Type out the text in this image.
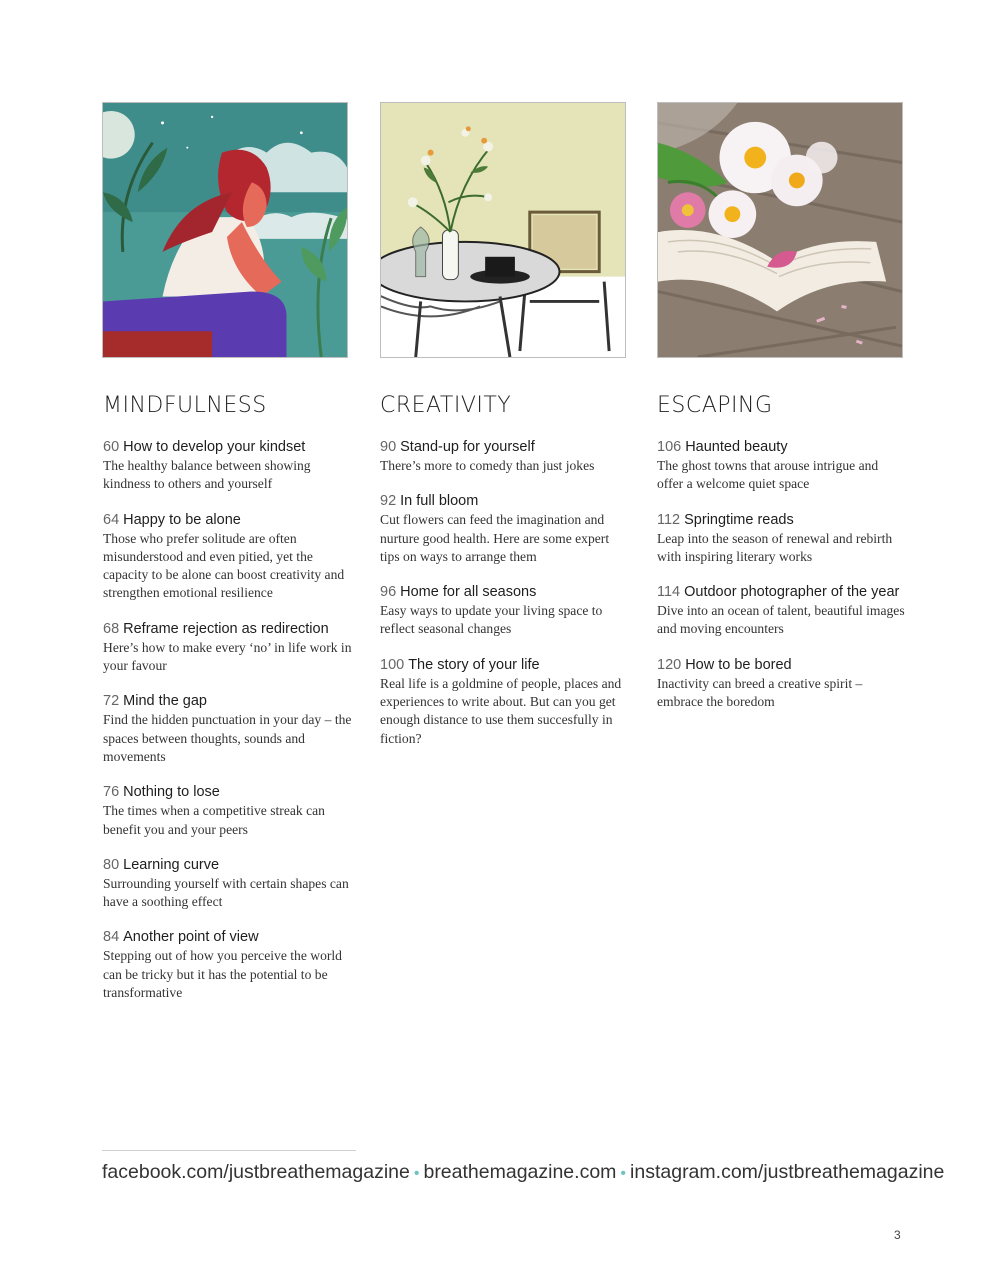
MINDFULNESS
60 How to develop your kindset
The healthy balance between showing kindness to others and yourself
64 Happy to be alone
Those who prefer solitude are often misunderstood and even pitied, yet the capacity to be alone can boost creativity and strengthen emotional resilience
68 Reframe rejection as redirection
Here’s how to make every ‘no’ in life work in your favour
72 Mind the gap
Find the hidden punctuation in your day – the spaces between thoughts, sounds and movements
76 Nothing to lose
The times when a competitive streak can benefit you and your peers
80 Learning curve
Surrounding yourself with certain shapes can have a soothing effect
84 Another point of view
Stepping out of how you perceive the world can be tricky but it has the potential to be transformative
CREATIVITY
90 Stand-up for yourself
There’s more to comedy than just jokes
92 In full bloom
Cut flowers can feed the imagination and nurture good health. Here are some expert tips on ways to arrange them
96 Home for all seasons
Easy ways to update your living space to reflect seasonal changes
100 The story of your life
Real life is a goldmine of people, places and experiences to write about. But can you get enough distance to use them succesfully in fiction?
ESCAPING
106 Haunted beauty
The ghost towns that arouse intrigue and offer a welcome quiet space
112 Springtime reads
Leap into the season of renewal and rebirth with inspiring literary works
114 Outdoor photographer of the year
Dive into an ocean of talent, beautiful images and moving encounters
120 How to be bored
Inactivity can breed a creative spirit – embrace the boredom
facebook.com/justbreathemagazine • breathemagazine.com • instagram.com/justbreathemagazine
3
